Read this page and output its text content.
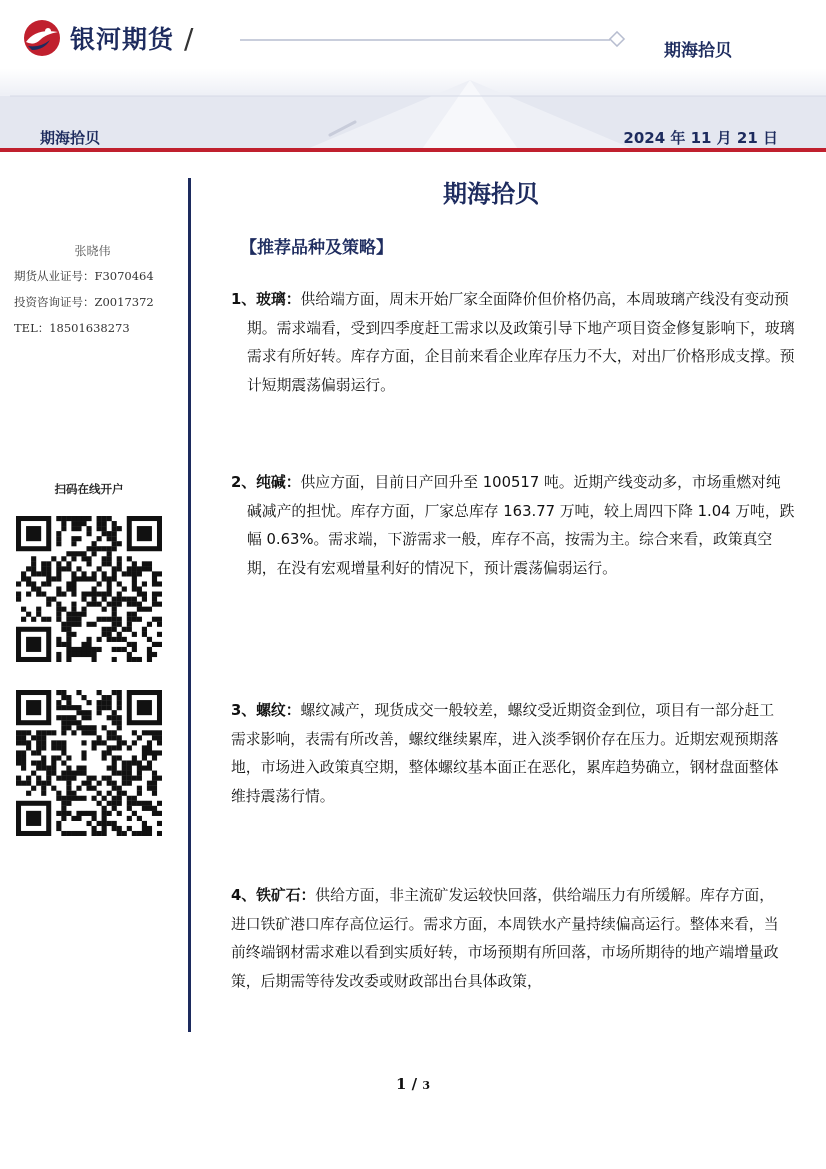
银河期货 /	期海拾贝
期海拾贝	2024 年 11 月 21 日
张晓伟
期货从业证号：F3070464
投资咨询证号：Z0017372
TEL：18501638273
扫码在线开户
期海拾贝
【推荐品种及策略】
1、玻璃：供给端方面，周末开始厂家全面降价但价格仍高，本周玻璃产线没有变动预期。需求端看，受到四季度赶工需求以及政策引导下地产项目资金修复影响下，玻璃需求有所好转。库存方面，企目前来看企业库存压力不大，对出厂价格形成支撑。预计短期震荡偏弱运行。
2、纯碱：供应方面，目前日产回升至 100517 吨。近期产线变动多，市场重燃对纯碱减产的担忧。库存方面，厂家总库存 163.77 万吨，较上周四下降 1.04 万吨，跌幅 0.63%。需求端，下游需求一般，库存不高，按需为主。综合来看，政策真空期，在没有宏观增量利好的情况下，预计震荡偏弱运行。
3、螺纹：螺纹减产，现货成交一般较差，螺纹受近期资金到位，项目有一部分赶工需求影响，表需有所改善，螺纹继续累库，进入淡季钢价存在压力。近期宏观预期落地，市场进入政策真空期，整体螺纹基本面正在恶化，累库趋势确立，钢材盘面整体维持震荡行情。
4、铁矿石：供给方面，非主流矿发运较快回落，供给端压力有所缓解。库存方面，进口铁矿港口库存高位运行。需求方面，本周铁水产量持续偏高运行。整体来看，当前终端钢材需求难以看到实质好转，市场预期有所回落，市场所期待的地产端增量政策，后期需等待发改委或财政部出台具体政策，
1 / 3
